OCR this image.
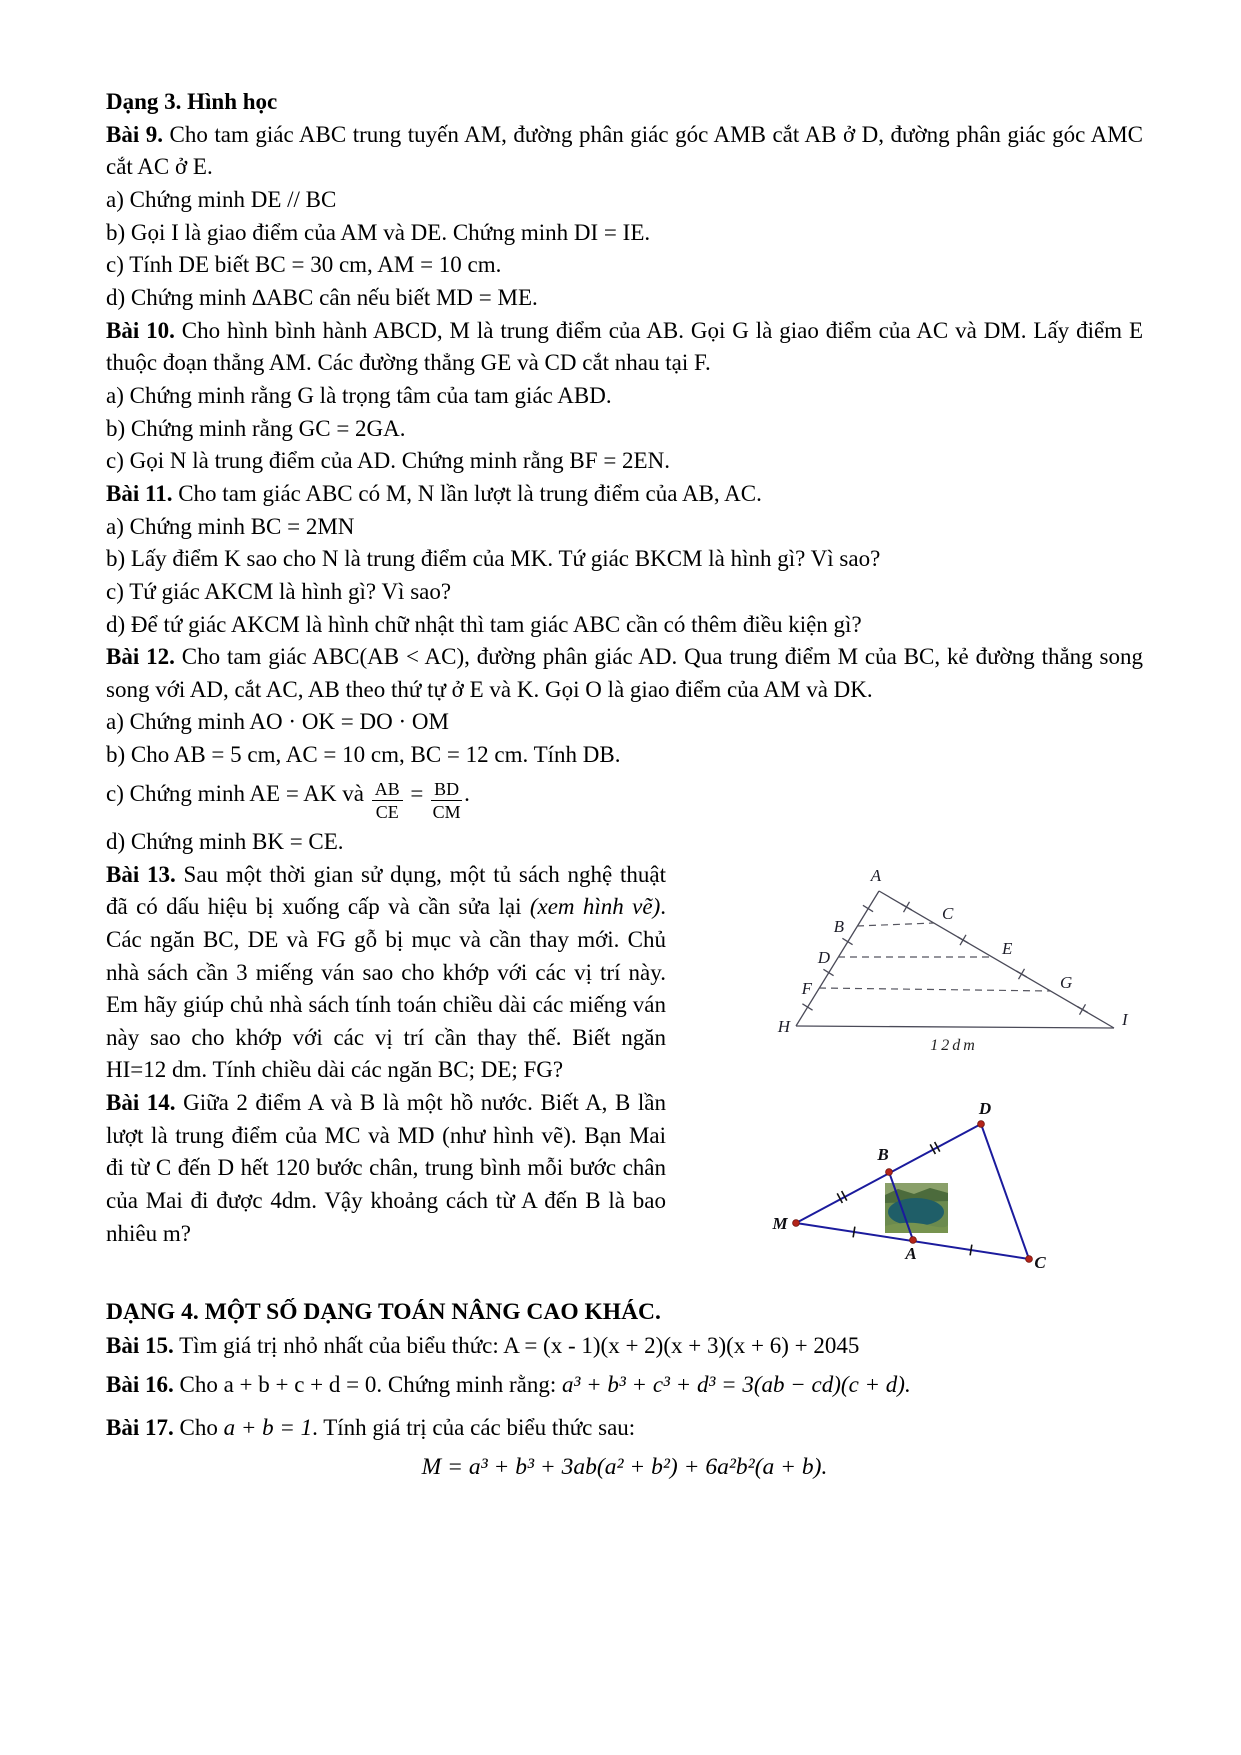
Dạng 3. Hình học

Bài 9. Cho tam giác ABC trung tuyến AM, đường phân giác góc AMB cắt AB ở D, đường phân giác góc AMC cắt AC ở E.

a) Chứng minh DE // BC

b) Gọi I là giao điểm của AM và DE. Chứng minh DI = IE.

c) Tính DE biết BC = 30 cm, AM = 10 cm.

d) Chứng minh ∆ABC cân nếu biết MD = ME.

Bài 10. Cho hình bình hành ABCD, M là trung điểm của AB. Gọi G là giao điểm của AC và DM. Lấy điểm E thuộc đoạn thẳng AM. Các đường thẳng GE và CD cắt nhau tại F.

a) Chứng minh rằng G là trọng tâm của tam giác ABD.

b) Chứng minh rằng GC = 2GA.

c) Gọi N là trung điểm của AD. Chứng minh rằng BF = 2EN.

Bài 11. Cho tam giác ABC có M, N lần lượt là trung điểm của AB, AC.

a) Chứng minh BC = 2MN

b) Lấy điểm K sao cho N là trung điểm của MK. Tứ giác BKCM là hình gì? Vì sao?

c) Tứ giác AKCM là hình gì? Vì sao?

d) Để tứ giác AKCM là hình chữ nhật thì tam giác ABC cần có thêm điều kiện gì?

Bài 12. Cho tam giác ABC(AB < AC), đường phân giác AD. Qua trung điểm M của BC, kẻ đường thẳng song song với AD, cắt AC, AB theo thứ tự ở E và K. Gọi O là giao điểm của AM và DK.

a) Chứng minh AO · OK = DO · OM

b) Cho AB = 5 cm, AC = 10 cm, BC = 12 cm. Tính DB.

c) Chứng minh AE = AK và $\frac{AB}{CE} = \frac{BD}{CM}$ .

d) Chứng minh BK = CE.

Bài 13. Sau một thời gian sử dụng, một tủ sách nghệ thuật đã có dấu hiệu bị xuống cấp và cần sửa lại (xem hình vẽ). Các ngăn BC, DE và FG gỗ bị mục và cần thay mới. Chủ nhà sách cần 3 miếng ván sao cho khớp với các vị trí này. Em hãy giúp chủ nhà sách tính toán chiều dài các miếng ván này sao cho khớp với các vị trí cần thay thế. Biết ngăn HI=12 dm. Tính chiều dài các ngăn BC; DE; FG?

A
B
C
D	E
F	G
H	I
12dm

Bài 14. Giữa 2 điểm A và B là một hồ nước. Biết A, B lần lượt là trung điểm của MC và MD (như hình vẽ). Bạn Mai đi từ C đến D hết 120 bước chân, trung bình mỗi bước chân của Mai đi được 4dm. Vậy khoảng cách từ A đến B là bao nhiêu m?	M
B
D
A	C
DẠNG 4. MỘT SỐ DẠNG TOÁN NÂNG CAO KHÁC.

Bài 15. Tìm giá trị nhỏ nhất của biểu thức: A = (x - 1)(x + 2)(x + 3)(x + 6) + 2045

Bài 16. Cho a + b + c + d = 0. Chứng minh rằng: a³ + b³ + c³ + d³ = 3(ab − cd)(c + d).

Bài 17. Cho a + b = 1. Tính giá trị của các biểu thức sau:

M = a³ + b³ + 3ab(a² + b²) + 6a²b²(a + b).
